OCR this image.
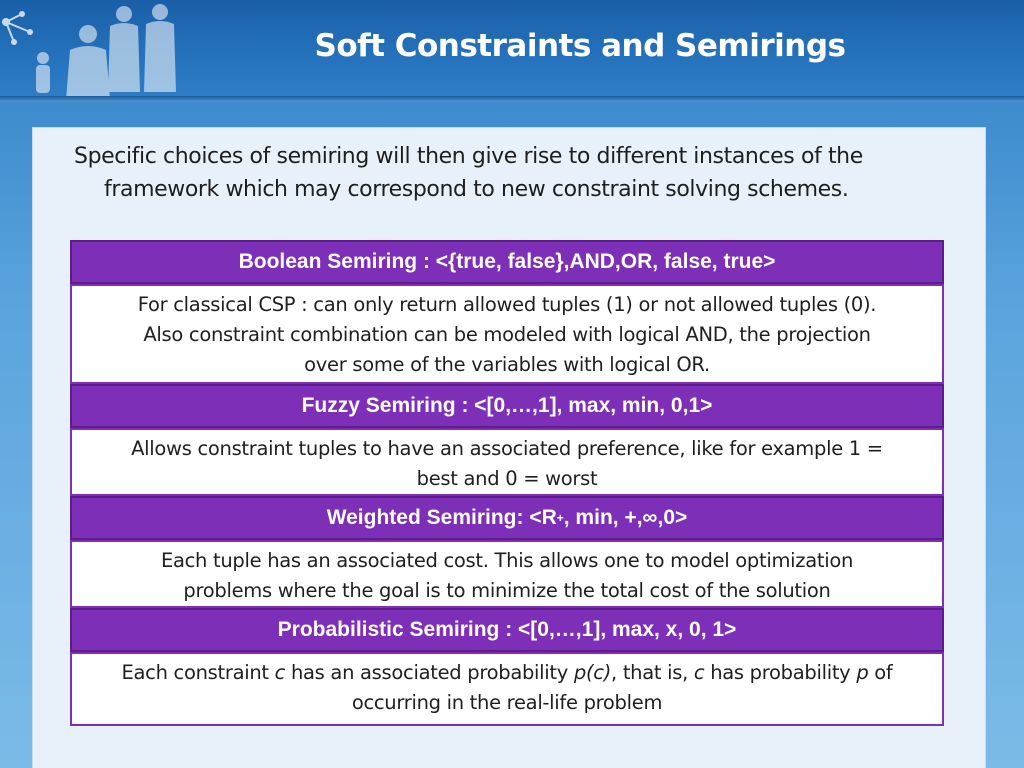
Soft Constraints and Semirings
Specific choices of semiring will then give rise to different instances of the
framework which may correspond to new constraint solving schemes.
Boolean Semiring : <{true, false},AND,OR, false, true>
For classical CSP : can only return allowed tuples (1) or not allowed tuples (0).
Also constraint combination can be modeled with logical AND, the projection
over some of the variables with logical OR.
Fuzzy Semiring : <[0,…,1], max, min, 0,1>
Allows constraint tuples to have an associated preference, like for example 1 =
best and 0 = worst
Weighted Semiring: <R + , min, +,∞,0>
Each tuple has an associated cost. This allows one to model optimization
problems where the goal is to minimize the total cost of the solution
Probabilistic Semiring : <[0,…,1], max, x, 0, 1>
Each constraint c has an associated probability p(c), that is, c has probability p of
occurring in the real-life problem
